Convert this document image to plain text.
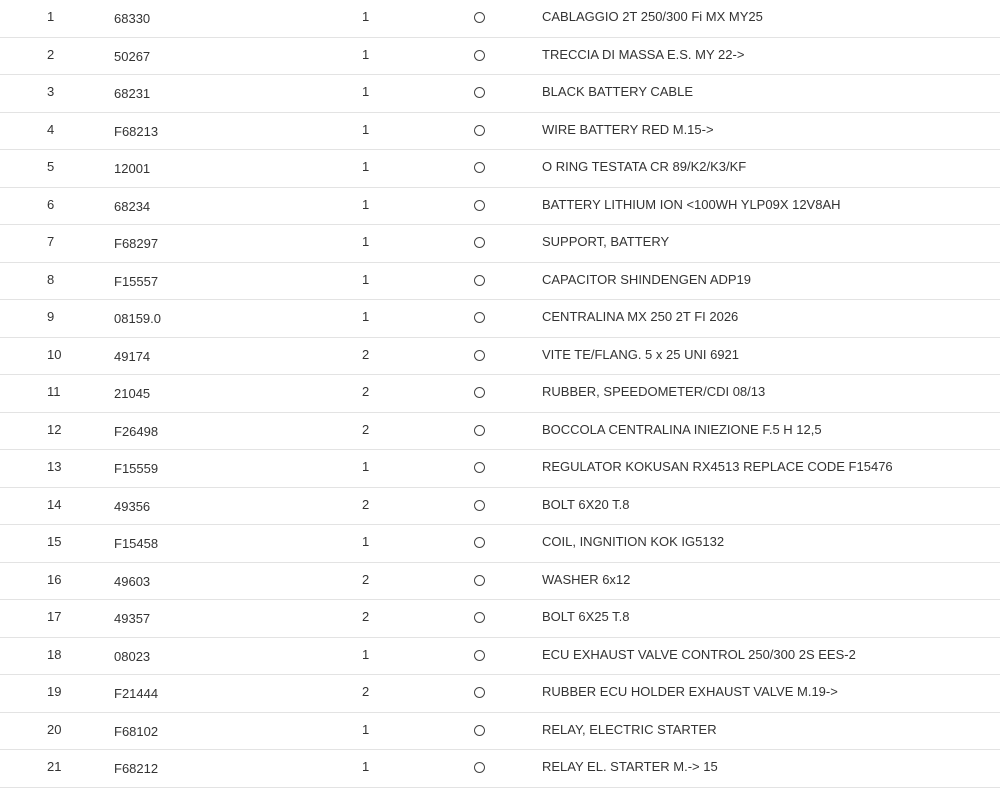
1	68330	1	CABLAGGIO 2T 250/300 Fi MX MY25
2	50267	1	TRECCIA DI MASSA E.S. MY 22->
3	68231	1	BLACK BATTERY CABLE
4	F68213	1	WIRE BATTERY RED M.15->
5	12001	1	O RING TESTATA CR 89/K2/K3/KF
6	68234	1	BATTERY LITHIUM ION <100WH YLP09X 12V8AH
7	F68297	1	SUPPORT, BATTERY
8	F15557	1	CAPACITOR SHINDENGEN ADP19
9	08159.0	1	CENTRALINA MX 250 2T FI 2026
10	49174	2	VITE TE/FLANG. 5 x 25 UNI 6921
11	21045	2	RUBBER, SPEEDOMETER/CDI 08/13
12	F26498	2	BOCCOLA CENTRALINA INIEZIONE F.5 H 12,5
13	F15559	1	REGULATOR KOKUSAN RX4513 REPLACE CODE F15476
14	49356	2	BOLT 6X20 T.8
15	F15458	1	COIL, INGNITION KOK IG5132
16	49603	2	WASHER 6x12
17	49357	2	BOLT 6X25 T.8
18	08023	1	ECU EXHAUST VALVE CONTROL 250/300 2S EES-2
19	F21444	2	RUBBER ECU HOLDER EXHAUST VALVE M.19->
20	F68102	1	RELAY, ELECTRIC STARTER
21	F68212	1	RELAY EL. STARTER M.-> 15
